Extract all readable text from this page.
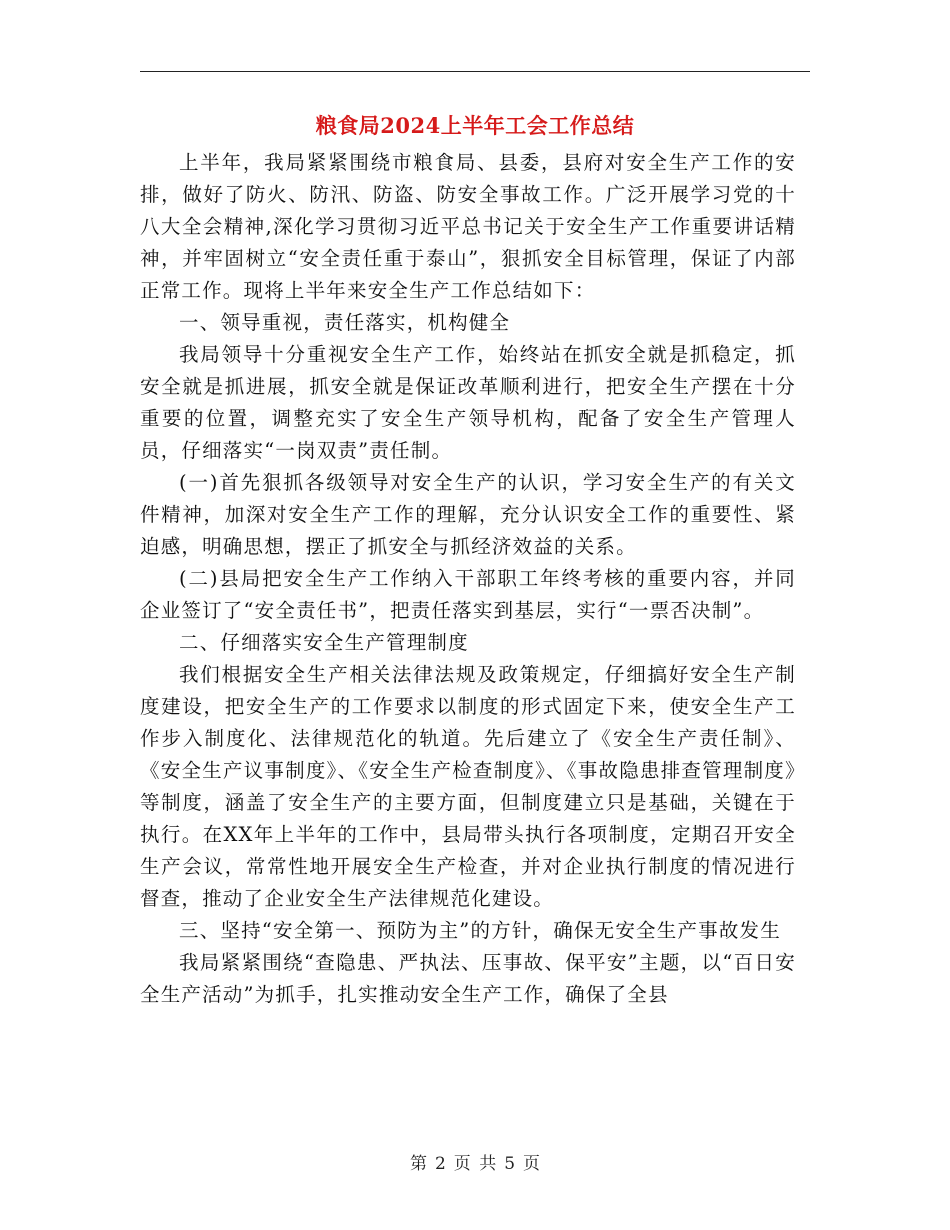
粮食局2024上半年工会工作总结

上半年，我局紧紧围绕市粮食局、县委，县府对安全生产工作的安排，做好了防火、防汛、防盗、防安全事故工作。广泛开展学习党的十八大全会精神,深化学习贯彻习近平总书记关于安全生产工作重要讲话精神，并牢固树立“安全责任重于泰山”，狠抓安全目标管理，保证了内部正常工作。现将上半年来安全生产工作总结如下：

一、领导重视，责任落实，机构健全

我局领导十分重视安全生产工作，始终站在抓安全就是抓稳定，抓安全就是抓进展，抓安全就是保证改革顺利进行，把安全生产摆在十分重要的位置，调整充实了安全生产领导机构，配备了安全生产管理人员，仔细落实“一岗双责”责任制。

(一)首先狠抓各级领导对安全生产的认识，学习安全生产的有关文件精神，加深对安全生产工作的理解，充分认识安全工作的重要性、紧迫感，明确思想，摆正了抓安全与抓经济效益的关系。

(二)县局把安全生产工作纳入干部职工年终考核的重要内容，并同企业签订了“安全责任书”，把责任落实到基层，实行“一票否决制”。

二、仔细落实安全生产管理制度

我们根据安全生产相关法律法规及政策规定，仔细搞好安全生产制度建设，把安全生产的工作要求以制度的形式固定下来，使安全生产工作步入制度化、法律规范化的轨道。先后建立了《安全生产责任制》、《安全生产议事制度》、《安全生产检查制度》、《事故隐患排查管理制度》等制度，涵盖了安全生产的主要方面，但制度建立只是基础，关键在于执行。在XX年上半年的工作中，县局带头执行各项制度，定期召开安全生产会议，常常性地开展安全生产检查，并对企业执行制度的情况进行督查，推动了企业安全生产法律规范化建设。

三、坚持“安全第一、预防为主”的方针，确保无安全生产事故发生

我局紧紧围绕“查隐患、严执法、压事故、保平安”主题，以“百日安全生产活动”为抓手，扎实推动安全生产工作，确保了全县

第 2 页 共 5 页
